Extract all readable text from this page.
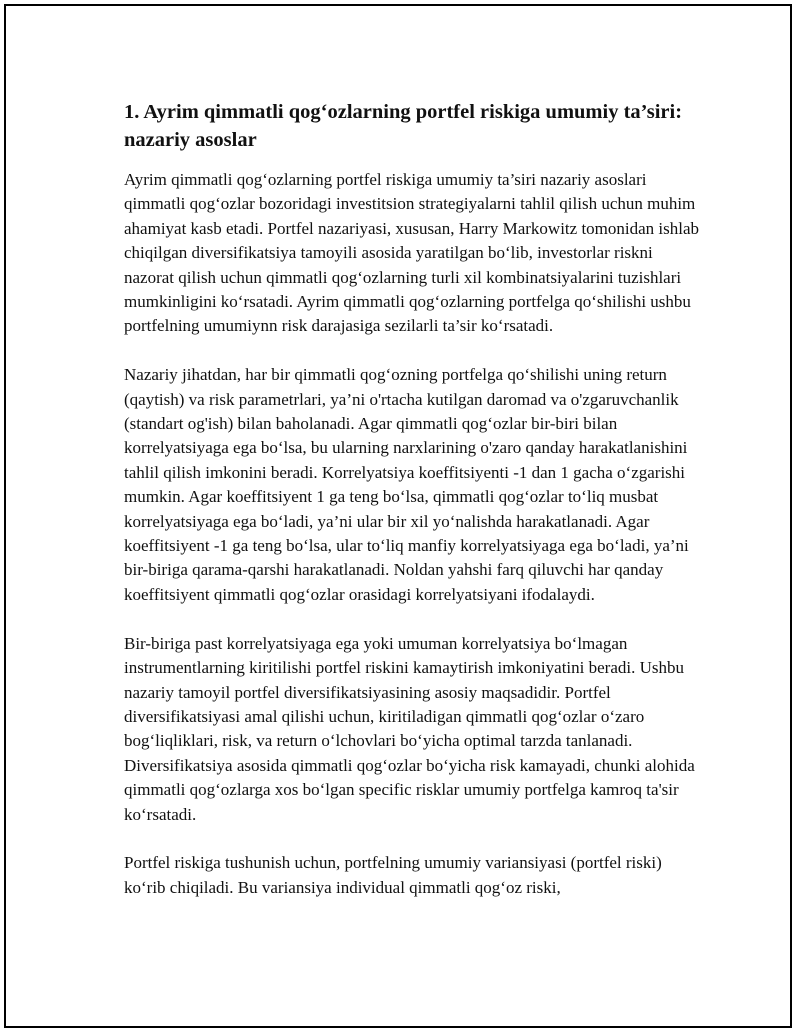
1. Ayrim qimmatli qog‘ozlarning portfel riskiga umumiy ta’siri: nazariy asoslar

Ayrim qimmatli qog‘ozlarning portfel riskiga umumiy ta’siri nazariy asoslari qimmatli qog‘ozlar bozoridagi investitsion strategiyalarni tahlil qilish uchun muhim ahamiyat kasb etadi. Portfel nazariyasi, xususan, Harry Markowitz tomonidan ishlab chiqilgan diversifikatsiya tamoyili asosida yaratilgan bo‘lib, investorlar riskni nazorat qilish uchun qimmatli qog‘ozlarning turli xil kombinatsiyalarini tuzishlari mumkinligini ko‘rsatadi. Ayrim qimmatli qog‘ozlarning portfelga qo‘shilishi ushbu portfelning umumiynn risk darajasiga sezilarli ta’sir ko‘rsatadi.

Nazariy jihatdan, har bir qimmatli qog‘ozning portfelga qo‘shilishi uning return (qaytish) va risk parametrlari, ya’ni o'rtacha kutilgan daromad va o'zgaruvchanlik (standart og'ish) bilan baholanadi. Agar qimmatli qog‘ozlar bir-biri bilan korrelyatsiyaga ega bo‘lsa, bu ularning narxlarining o'zaro qanday harakatlanishini tahlil qilish imkonini beradi. Korrelyatsiya koeffitsiyenti -1 dan 1 gacha o‘zgarishi mumkin. Agar koeffitsiyent 1 ga teng bo‘lsa, qimmatli qog‘ozlar to‘liq musbat korrelyatsiyaga ega bo‘ladi, ya’ni ular bir xil yo‘nalishda harakatlanadi. Agar koeffitsiyent -1 ga teng bo‘lsa, ular to‘liq manfiy korrelyatsiyaga ega bo‘ladi, ya’ni bir-biriga qarama-qarshi harakatlanadi. Noldan yahshi farq qiluvchi har qanday koeffitsiyent qimmatli qog‘ozlar orasidagi korrelyatsiyani ifodalaydi.

Bir-biriga past korrelyatsiyaga ega yoki umuman korrelyatsiya bo‘lmagan instrumentlarning kiritilishi portfel riskini kamaytirish imkoniyatini beradi. Ushbu nazariy tamoyil portfel diversifikatsiyasining asosiy maqsadidir. Portfel diversifikatsiyasi amal qilishi uchun, kiritiladigan qimmatli qog‘ozlar o‘zaro bog‘liqliklari, risk, va return o‘lchovlari bo‘yicha optimal tarzda tanlanadi. Diversifikatsiya asosida qimmatli qog‘ozlar bo‘yicha risk kamayadi, chunki alohida qimmatli qog‘ozlarga xos bo‘lgan specific risklar umumiy portfelga kamroq ta'sir ko‘rsatadi.

Portfel riskiga tushunish uchun, portfelning umumiy variansiyasi (portfel riski) ko‘rib chiqiladi. Bu variansiya individual qimmatli qog‘oz riski,
